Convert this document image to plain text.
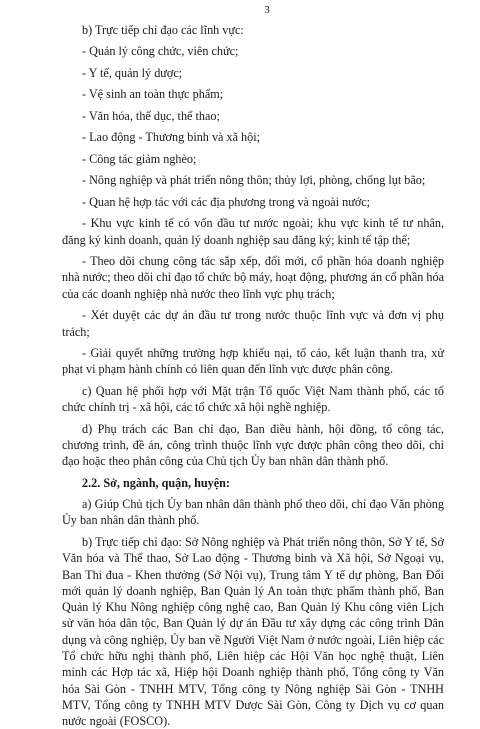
3

b) Trực tiếp chỉ đạo các lĩnh vực:

- Quản lý công chức, viên chức;

- Y tế, quản lý dược;

- Vệ sinh an toàn thực phẩm;

- Văn hóa, thể dục, thể thao;

- Lao động - Thương binh và xã hội;

- Công tác giảm nghèo;

- Nông nghiệp và phát triển nông thôn; thủy lợi, phòng, chống lụt bão;

- Quan hệ hợp tác với các địa phương trong và ngoài nước;

- Khu vực kinh tế có vốn đầu tư nước ngoài; khu vực kinh tế tư nhân, đăng ký kinh doanh, quản lý doanh nghiệp sau đăng ký; kinh tế tập thể;

- Theo dõi chung công tác sắp xếp, đổi mới, cổ phần hóa doanh nghiệp nhà nước; theo dõi chỉ đạo tổ chức bộ máy, hoạt động, phương án cổ phần hóa của các doanh nghiệp nhà nước theo lĩnh vực phụ trách;

- Xét duyệt các dự án đầu tư trong nước thuộc lĩnh vực và đơn vị phụ trách;

- Giải quyết những trường hợp khiếu nại, tố cáo, kết luận thanh tra, xử phạt vi phạm hành chính có liên quan đến lĩnh vực được phân công.

c) Quan hệ phối hợp với Mặt trận Tổ quốc Việt Nam thành phố, các tổ chức chính trị - xã hội, các tổ chức xã hội nghề nghiệp.

d) Phụ trách các Ban chỉ đạo, Ban điều hành, hội đồng, tổ công tác, chương trình, đề án, công trình thuộc lĩnh vực được phân công theo dõi, chỉ đạo hoặc theo phân công của Chủ tịch Ủy ban nhân dân thành phố.

2.2. Sở, ngành, quận, huyện:

a) Giúp Chủ tịch Ủy ban nhân dân thành phố theo dõi, chỉ đạo Văn phòng Ủy ban nhân dân thành phố.

b) Trực tiếp chỉ đạo: Sở Nông nghiệp và Phát triển nông thôn, Sở Y tế, Sở Văn hóa và Thể thao, Sở Lao động - Thương binh và Xã hội, Sở Ngoại vụ, Ban Thi đua - Khen thưởng (Sở Nội vụ), Trung tâm Y tế dự phòng, Ban Đổi mới quản lý doanh nghiệp, Ban Quản lý An toàn thực phẩm thành phố, Ban Quản lý Khu Nông nghiệp công nghệ cao, Ban Quản lý Khu công viên Lịch sử văn hóa dân tộc, Ban Quản lý dự án Đầu tư xây dựng các công trình Dân dụng và công nghiệp, Ủy ban về Người Việt Nam ở nước ngoài, Liên hiệp các Tổ chức hữu nghị thành phố, Liên hiệp các Hội Văn học nghệ thuật, Liên minh các Hợp tác xã, Hiệp hội Doanh nghiệp thành phố, Tổng công ty Văn hóa Sài Gòn - TNHH MTV, Tổng công ty Nông nghiệp Sài Gòn - TNHH MTV, Tổng công ty TNHH MTV Dược Sài Gòn, Công ty Dịch vụ cơ quan nước ngoài (FOSCO).
